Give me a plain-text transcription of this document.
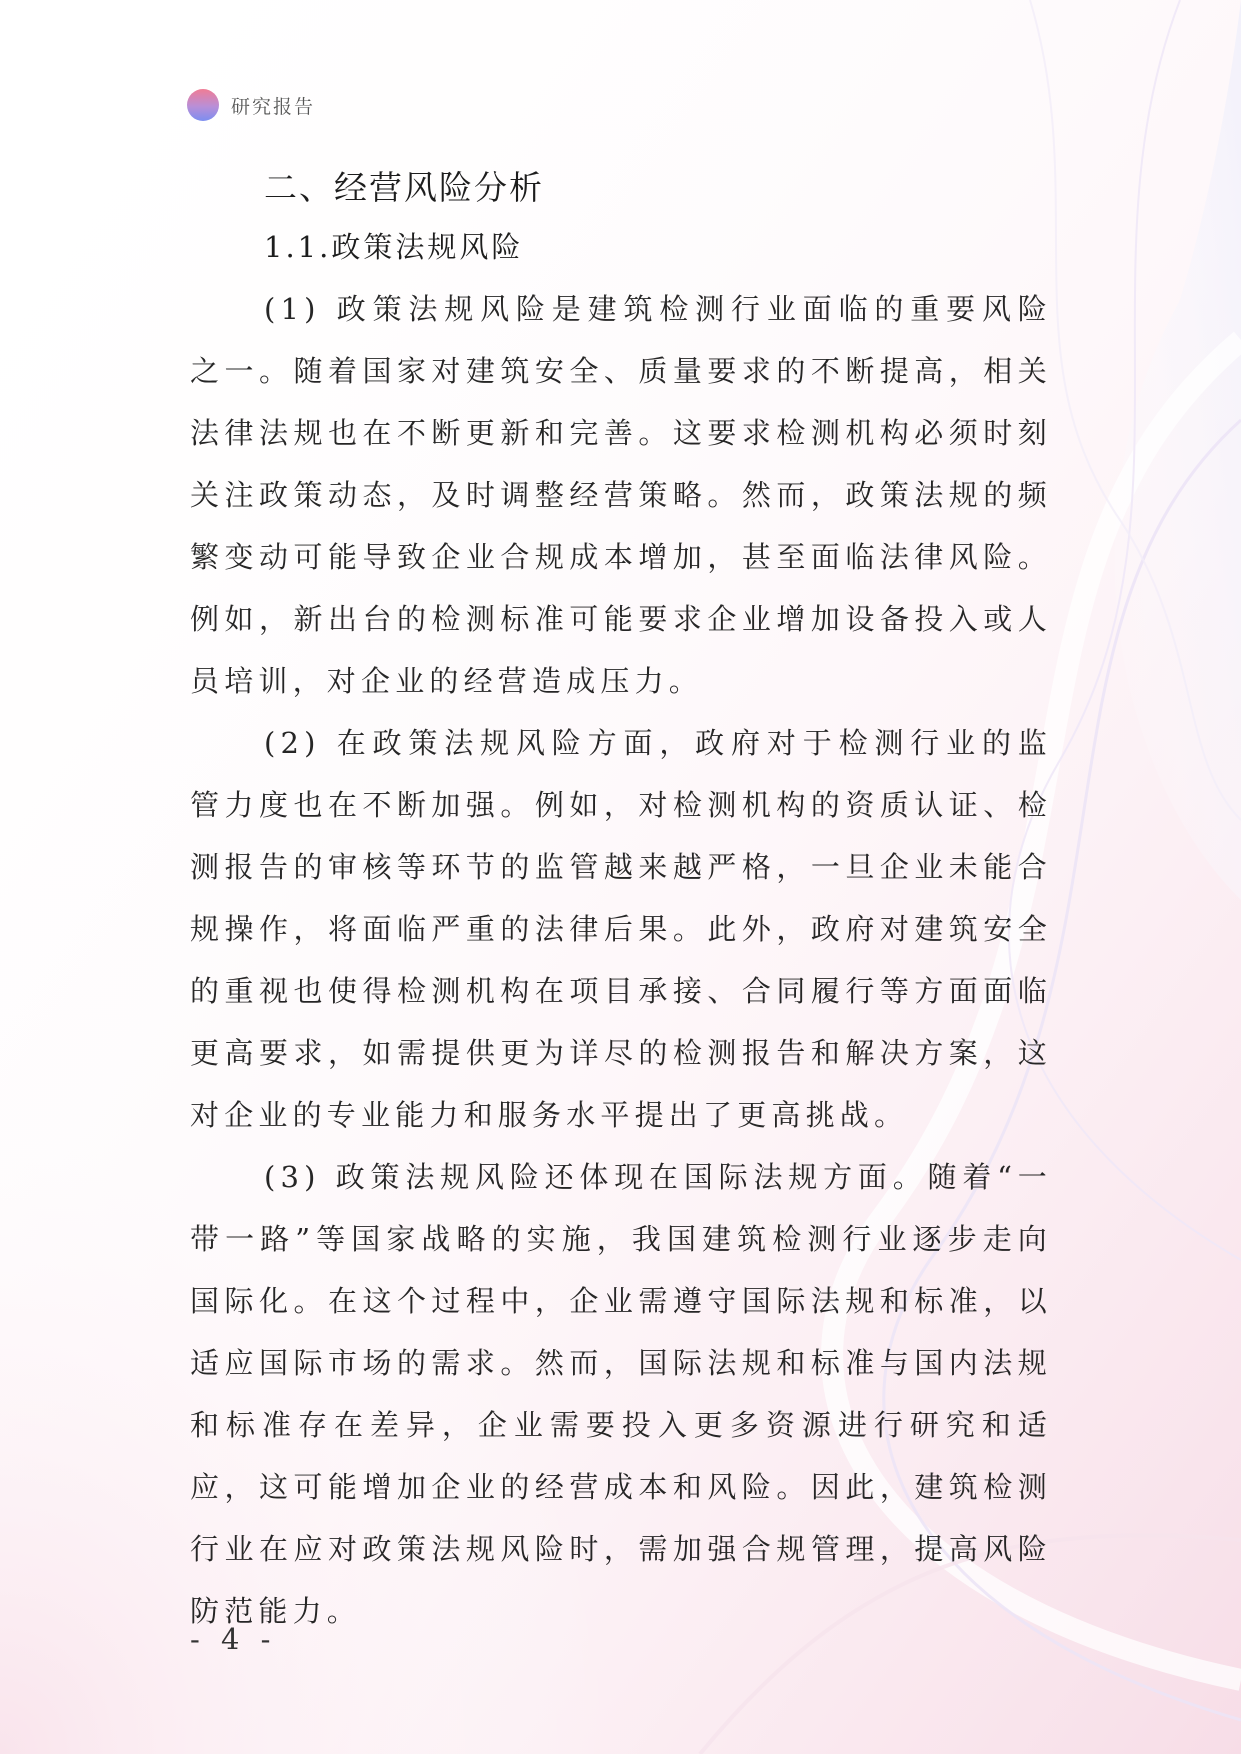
研究报告
二、经营风险分析
1.1.政策法规风险

(1) 政策法规风险是建筑检测行业面临的重要风险之一。随着国家对建筑安全、质量要求的不断提高，相关法律法规也在不断更新和完善。这要求检测机构必须时刻关注政策动态，及时调整经营策略。然而，政策法规的频繁变动可能导致企业合规成本增加，甚至面临法律风险。例如，新出台的检测标准可能要求企业增加设备投入或人员培训，对企业的经营造成压力。

(2) 在政策法规风险方面，政府对于检测行业的监管力度也在不断加强。例如，对检测机构的资质认证、检测报告的审核等环节的监管越来越严格，一旦企业未能合规操作，将面临严重的法律后果。此外，政府对建筑安全的重视也使得检测机构在项目承接、合同履行等方面面临更高要求，如需提供更为详尽的检测报告和解决方案，这对企业的专业能力和服务水平提出了更高挑战。

(3) 政策法规风险还体现在国际法规方面。随着“一带一路”等国家战略的实施，我国建筑检测行业逐步走向国际化。在这个过程中，企业需遵守国际法规和标准，以适应国际市场的需求。然而，国际法规和标准与国内法规和标准存在差异，企业需要投入更多资源进行研究和适应，这可能增加企业的经营成本和风险。因此，建筑检测行业在应对政策法规风险时，需加强合规管理，提高风险防范能力。

- 4 -
